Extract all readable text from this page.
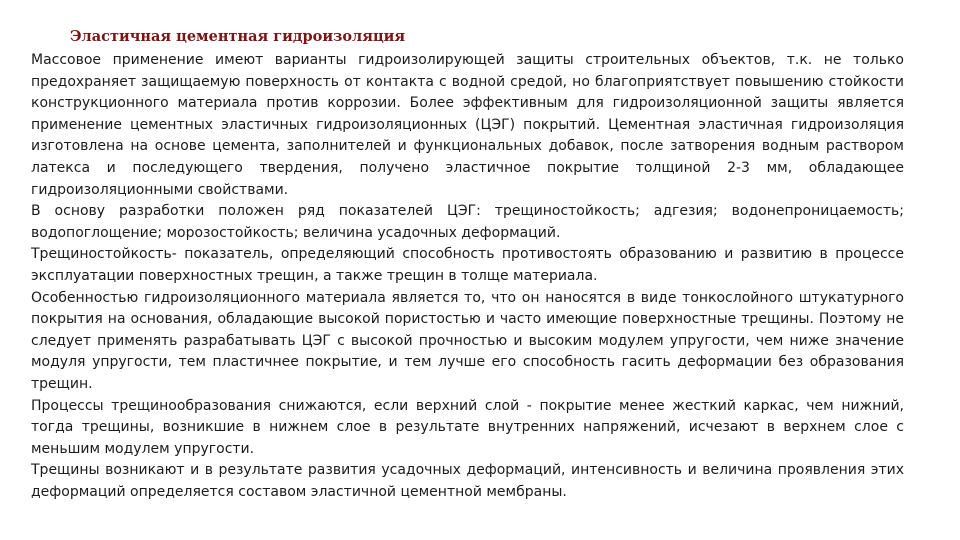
Эластичная цементная гидроизоляция

Массовое применение имеют варианты гидроизолирующей защиты строительных объектов, т.к. не только предохраняет защищаемую поверхность от контакта с водной средой, но благоприятствует повышению стойкости конструкционного материала против коррозии. Более эффективным для гидроизоляционной защиты является применение цементных эластичных гидроизоляционных (ЦЭГ) покрытий. Цементная эластичная гидроизоляция изготовлена на основе цемента, заполнителей и функциональных добавок, после затворения водным раствором латекса и последующего твердения, получено эластичное покрытие толщиной 2-3 мм, обладающее гидроизоляционными свойствами.

В основу разработки положен ряд показателей ЦЭГ: трещиностойкость; адгезия; водонепроницаемость; водопоглощение; морозостойкость; величина усадочных деформаций.

Трещиностойкость- показатель, определяющий способность противостоять образованию и развитию в процессе эксплуатации поверхностных трещин, а также трещин в толще материала.

Особенностью гидроизоляционного материала является то, что он наносятся в виде тонкослойного штукатурного покрытия на основания, обладающие высокой пористостью и часто имеющие поверхностные трещины. Поэтому не следует применять разрабатывать ЦЭГ с высокой прочностью и высоким модулем упругости, чем ниже значение модуля упругости, тем пластичнее покрытие, и тем лучше его способность гасить деформации без образования трещин.

Процессы трещинообразования снижаются, если верхний слой - покрытие менее жесткий каркас, чем нижний, тогда трещины, возникшие в нижнем слое в результате внутренних напряжений, исчезают в верхнем слое с меньшим модулем упругости.

Трещины возникают и в результате развития усадочных деформаций, интенсивность и величина проявления этих деформаций определяется составом эластичной цементной мембраны.
